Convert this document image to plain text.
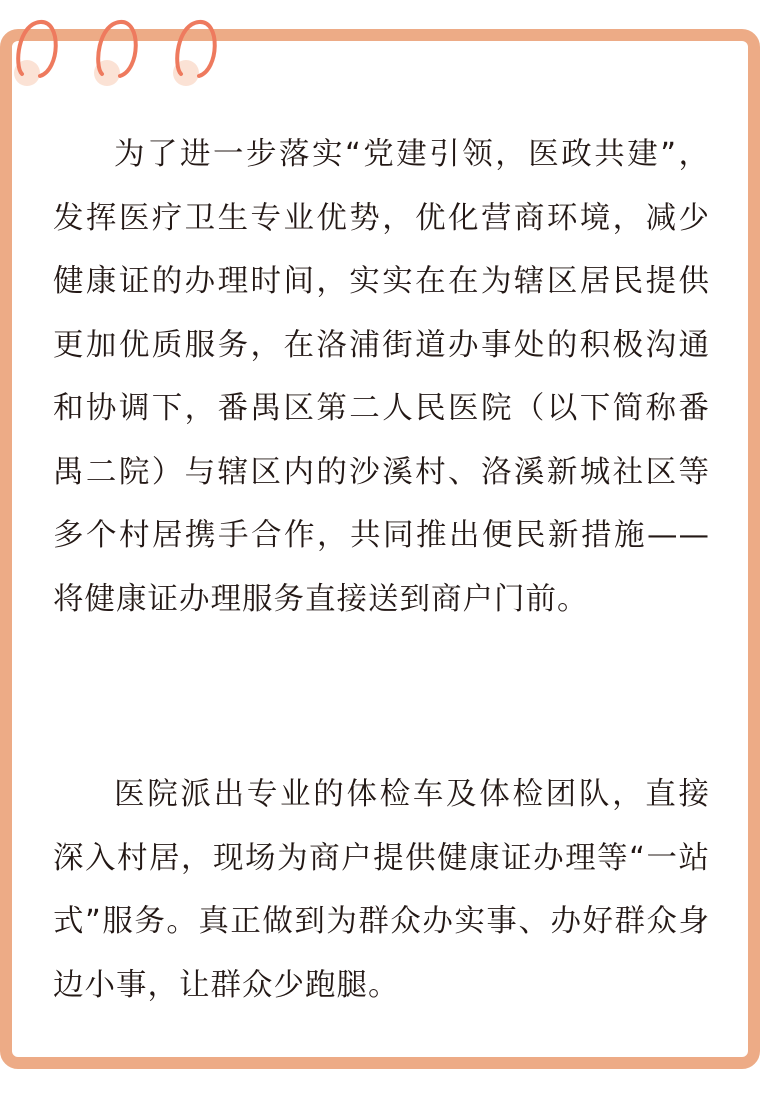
为了进一步落实“党建引领，医政共建”，发挥医疗卫生专业优势，优化营商环境，减少健康证的办理时间，实实在在为辖区居民提供更加优质服务，在洛浦街道办事处的积极沟通和协调下，番禺区第二人民医院（以下简称番禺二院）与辖区内的沙溪村、洛溪新城社区等多个村居携手合作，共同推出便民新措施——将健康证办理服务直接送到商户门前。

医院派出专业的体检车及体检团队，直接深入村居，现场为商户提供健康证办理等“一站式”服务。真正做到为群众办实事、办好群众身边小事，让群众少跑腿。
